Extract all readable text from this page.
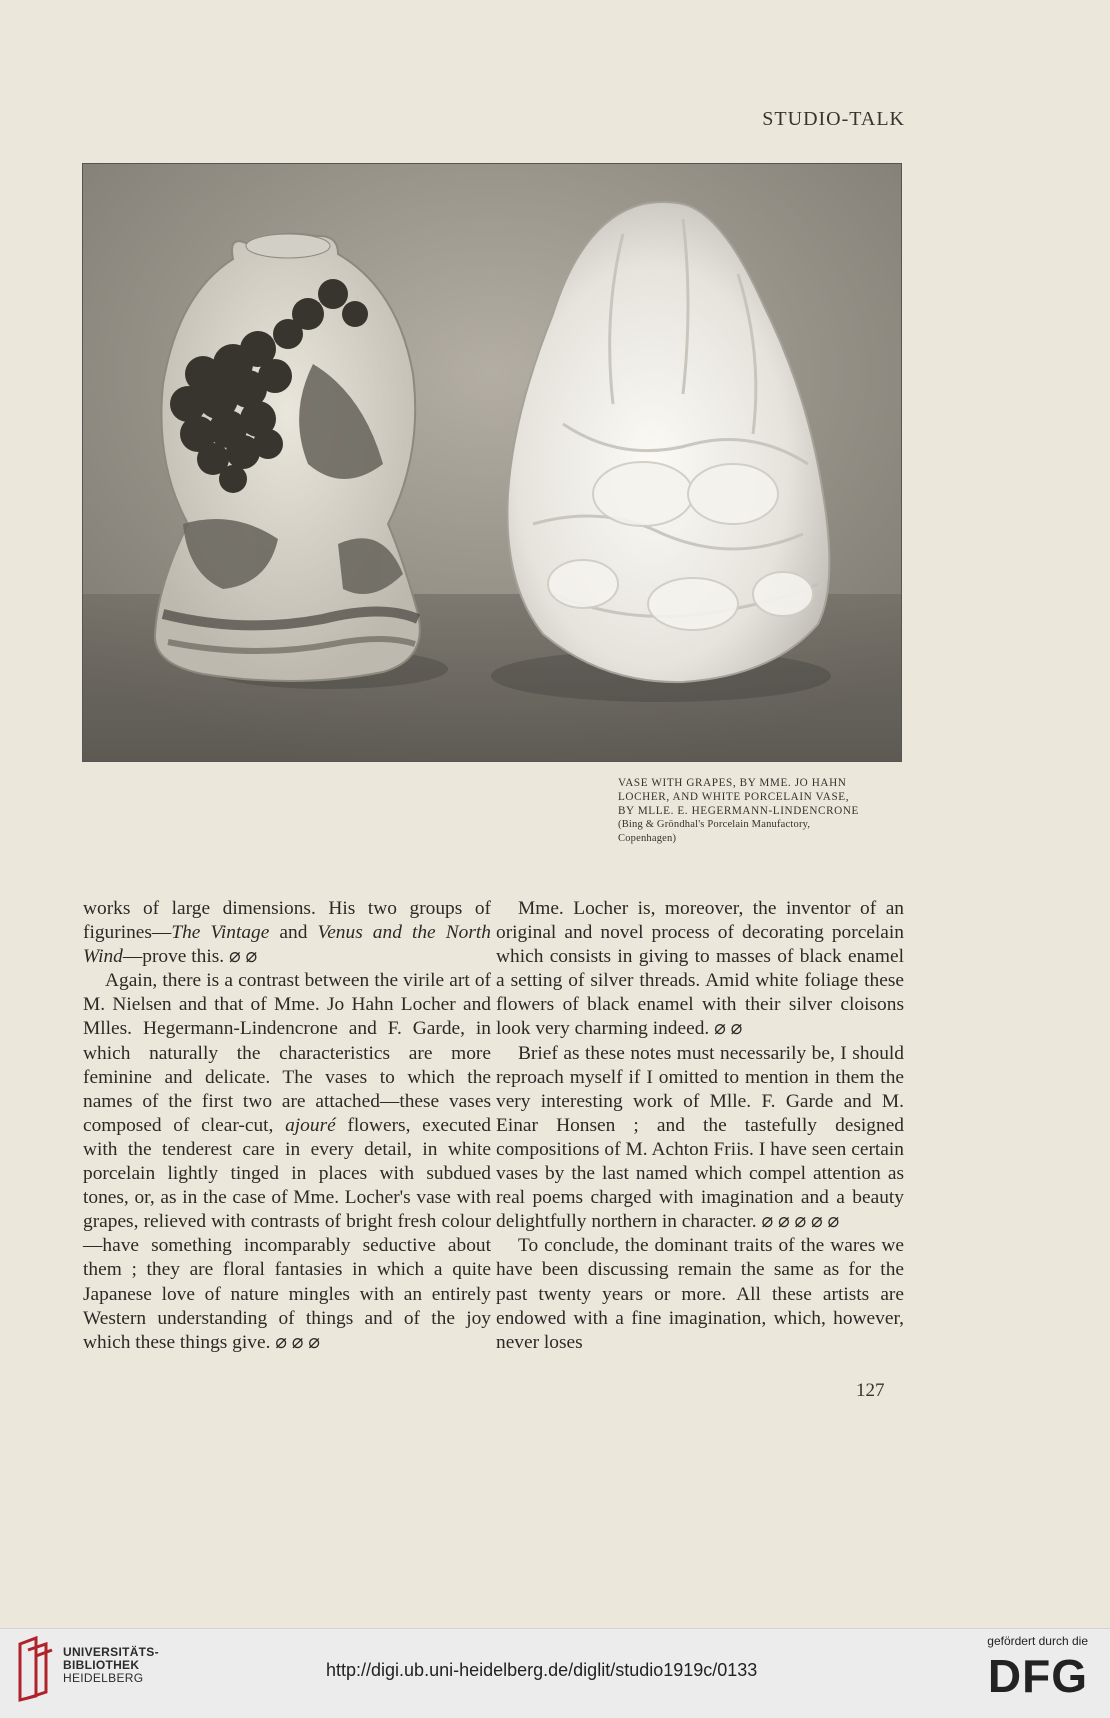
STUDIO-TALK
VASE WITH GRAPES, BY MME. JO HAHN
LOCHER, AND WHITE PORCELAIN VASE,
BY MLLE. E. HEGERMANN-LINDENCRONE
(Bing & Gröndhal's Porcelain Manufactory,
Copenhagen)

works of large dimensions. His two groups of figurines—The Vintage and Venus and the North Wind—prove this. ⌀ ⌀

Again, there is a contrast between the virile art of M. Nielsen and that of Mme. Jo Hahn Locher and Mlles. Hegermann-Lindencrone and F. Garde, in which naturally the characteristics are more feminine and delicate. The vases to which the names of the first two are attached—these vases composed of clear-cut, ajouré flowers, executed with the tenderest care in every detail, in white porcelain lightly tinged in places with subdued tones, or, as in the case of Mme. Locher's vase with grapes, relieved with contrasts of bright fresh colour—have something incomparably seductive about them ; they are floral fantasies in which a quite Japanese love of nature mingles with an entirely Western understanding of things and of the joy which these things give. ⌀ ⌀ ⌀

Mme. Locher is, moreover, the inventor of an original and novel process of decorating porcelain which consists in giving to masses of black enamel a setting of silver threads. Amid white foliage these flowers of black enamel with their silver cloisons look very charming indeed. ⌀ ⌀

Brief as these notes must necessarily be, I should reproach myself if I omitted to mention in them the very interesting work of Mlle. F. Garde and M. Einar Honsen ; and the tastefully designed compositions of M. Achton Friis. I have seen certain vases by the last named which compel attention as real poems charged with imagination and a beauty delightfully northern in character. ⌀ ⌀ ⌀ ⌀ ⌀

To conclude, the dominant traits of the wares we have been discussing remain the same as for the past twenty years or more. All these artists are endowed with a fine imagination, which, however, never loses

127
UNIVERSITÄTS-
BIBLIOTHEK
HEIDELBERG	http://digi.ub.uni-heidelberg.de/diglit/studio1919c/0133
gefördert durch die
DFG
